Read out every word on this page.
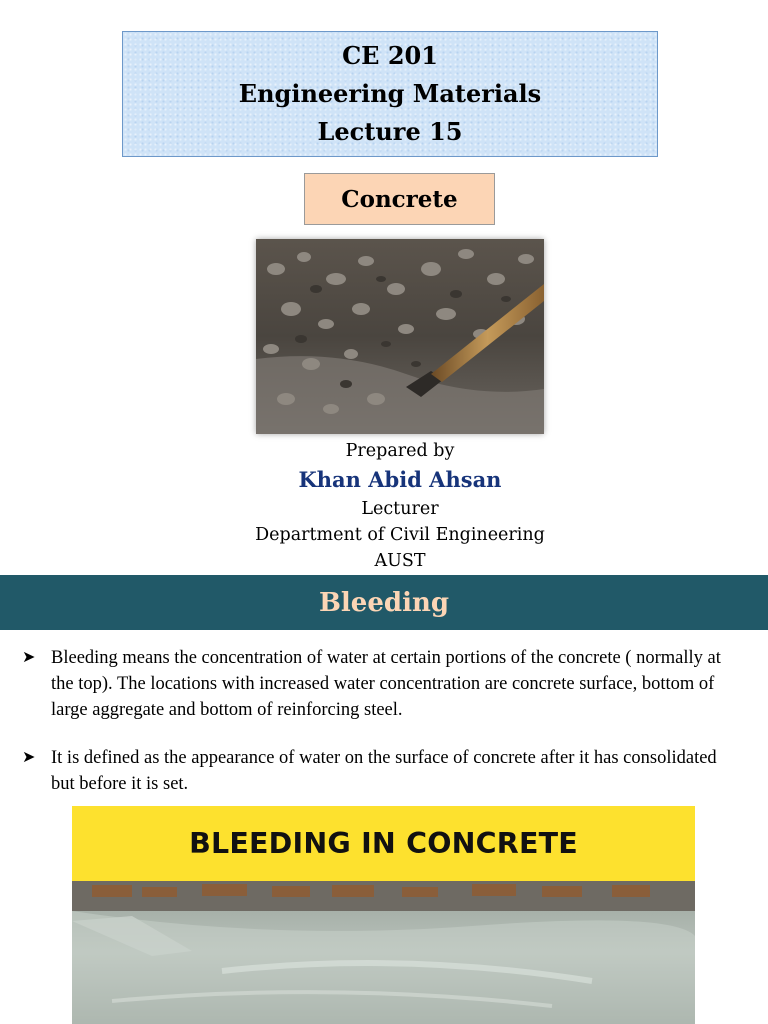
CE 201
Engineering Materials
Lecture 15
Concrete
Prepared by
Khan Abid Ahsan
Lecturer
Department of Civil Engineering
AUST
Bleeding
➤ Bleeding means the concentration of water at certain portions of the concrete ( normally at the top). The locations with increased water concentration are concrete surface, bottom of large aggregate and bottom of reinforcing steel.
➤ It is defined as the appearance of water on the surface of concrete after it has consolidated but before it is set.
BLEEDING IN CONCRETE
